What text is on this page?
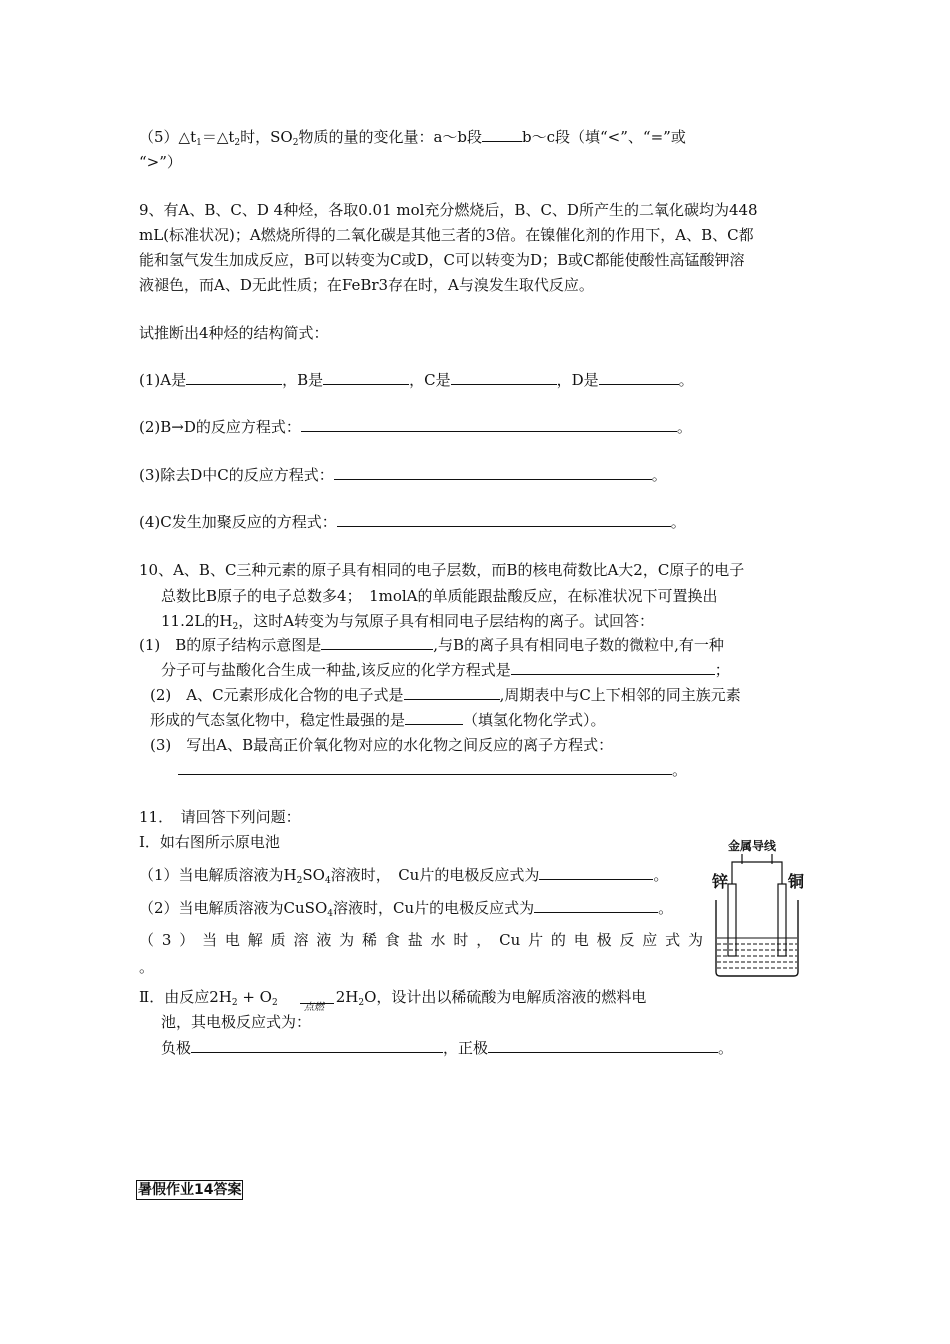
$(5)\triangle t_1=\triangle t_2$时，$SO_2$物质的量的变化量：a～b段	b～c段（填“<”、“=”或
“>”）
9、有A、B、C、D 4种烃，各取0.01 mol充分燃烧后，B、C、D所产生的二氧化碳均为448
mL(标准状况)；A燃烧所得的二氧化碳是其他三者的3倍。在镍催化剂的作用下，A、B、C都
能和氢气发生加成反应，B可以转变为C或D，C可以转变为D；B或C都能使酸性高锰酸钾溶
液褪色，而A、D无此性质；在FeBr3存在时，A与溴发生取代反应。
试推断出4种烃的结构简式：
(1)A是	，B是	，C是	，D是	。
(2)B→D的反应方程式：	。
(3)除去D中C的反应方程式：	。
(4)C发生加聚反应的方程式：	。
10、A、B、C三种元素的原子具有相同的电子层数，而B的核电荷数比A大2，C原子的电子
总数比B原子的电子总数多4；　1molA的单质能跟盐酸反应，在标准状况下可置换出
11.2L的$H_2$，这时A转变为与氖原子具有相同电子层结构的离子。试回答：
(1)　B的原子结构示意图是	,与B的离子具有相同电子数的微粒中,有一种
分子可与盐酸化合生成一种盐,该反应的化学方程式是	；
(2)　A、C元素形成化合物的电子式是	,周期表中与C上下相邻的同主族元素
形成的气态氢化物中，稳定性最强的是	（填氢化物化学式）。
(3)　写出A、B最高正价氧化物对应的水化物之间反应的离子方程式：
。
11．　请回答下列问题：
Ⅰ．如右图所示原电池
（1）当电解质溶液为$H_2SO_4$溶液时，　Cu片的电极反应式为	。
（2）当电解质溶液为CuSO$_4$溶液时，Cu片的电极反应式为	。
（3）当电解质溶液为稀食盐水时，Cu片的电极反应式为
。
Ⅱ．由反应$2H_2 + O_2$	$2H_2O$，设计出以稀硫酸为电解质溶液的燃料电
点燃
池，其电极反应式为：
负极	，正极	。
金属导线
锌	铜
暑假作业14答案
